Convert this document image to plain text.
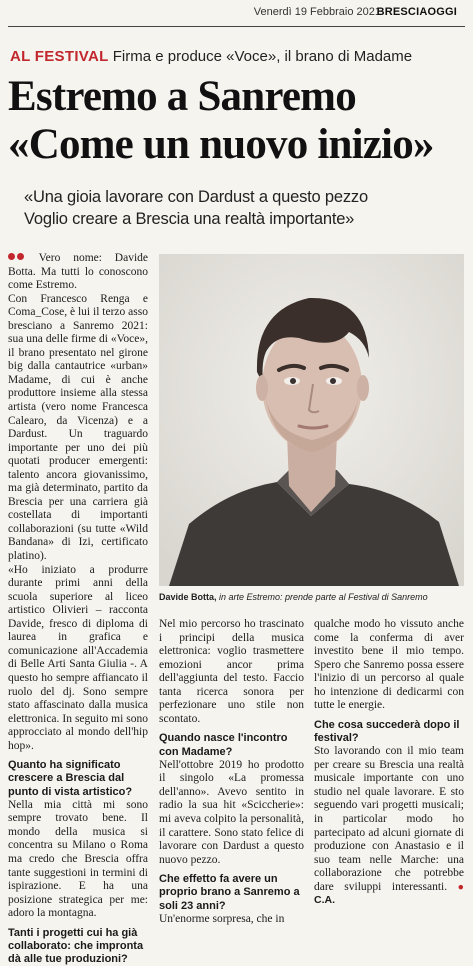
Venerdì 19 Febbraio 2021
BRESCIAOGGI
AL FESTIVAL Firma e produce «Voce», il brano di Madame
Estremo a Sanremo
«Come un nuovo inizio»
«Una gioia lavorare con Dardust a questo pezzo
Voglio creare a Brescia una realtà importante»

Vero nome: Davide Botta. Ma tutti lo conoscono come Estremo.

Con Francesco Renga e Coma_Cose, è lui il terzo asso bresciano a Sanremo 2021: sua una delle firme di «Voce», il brano presentato nel girone big dalla cantautrice «urban» Madame, di cui è anche produttore insieme alla stessa artista (vero nome Francesca Calearo, da Vicenza) e a Dardust. Un traguardo importante per uno dei più quotati producer emergenti: talento ancora giovanissimo, ma già determinato, partito da Brescia per una carriera già costellata di importanti collaborazioni (su tutte «Wild Bandana» di Izi, certificato platino).

«Ho iniziato a produrre durante primi anni della scuola superiore al liceo artistico Olivieri – racconta Davide, fresco di diploma di laurea in grafica e comunicazione all'Accademia di Belle Arti Santa Giulia -. A questo ho sempre affiancato il ruolo del dj. Sono sempre stato affascinato dalla musica elettronica. In seguito mi sono approcciato al mondo dell'hip hop».

Quanto ha significato crescere a Brescia dal punto di vista artistico?

Nella mia città mi sono sempre trovato bene. Il mondo della musica si concentra su Milano o Roma ma credo che Brescia offra tante suggestioni in termini di ispirazione. E ha una posizione strategica per me: adoro la montagna.

Tanti i progetti cui ha già collaborato: che impronta dà alle tue produzioni?

Davide Botta, in arte Estremo: prende parte al Festival di Sanremo

Nel mio percorso ho trascinato i principi della musica elettronica: voglio trasmettere emozioni ancor prima dell'aggiunta del testo. Faccio tanta ricerca sonora per perfezionare uno stile non scontato.

Quando nasce l'incontro con Madame?

Nell'ottobre 2019 ho prodotto il singolo «La promessa dell'anno». Avevo sentito in radio la sua hit «Sciccherie»: mi aveva colpito la personalità, il carattere. Sono stato felice di lavorare con Dardust a questo nuovo pezzo.

Che effetto fa avere un proprio brano a Sanremo a soli 23 anni?

Un'enorme sorpresa, che in

qualche modo ho vissuto anche come la conferma di aver investito bene il mio tempo. Spero che Sanremo possa essere l'inizio di un percorso al quale ho intenzione di dedicarmi con tutte le energie.

Che cosa succederà dopo il festival?

Sto lavorando con il mio team per creare su Brescia una realtà musicale importante con uno studio nel quale lavorare. E sto seguendo vari progetti musicali; in particolar modo ho partecipato ad alcuni giornate di produzione con Anastasio e il suo team nelle Marche: una collaborazione che potrebbe dare sviluppi interessanti. ● C.A.
